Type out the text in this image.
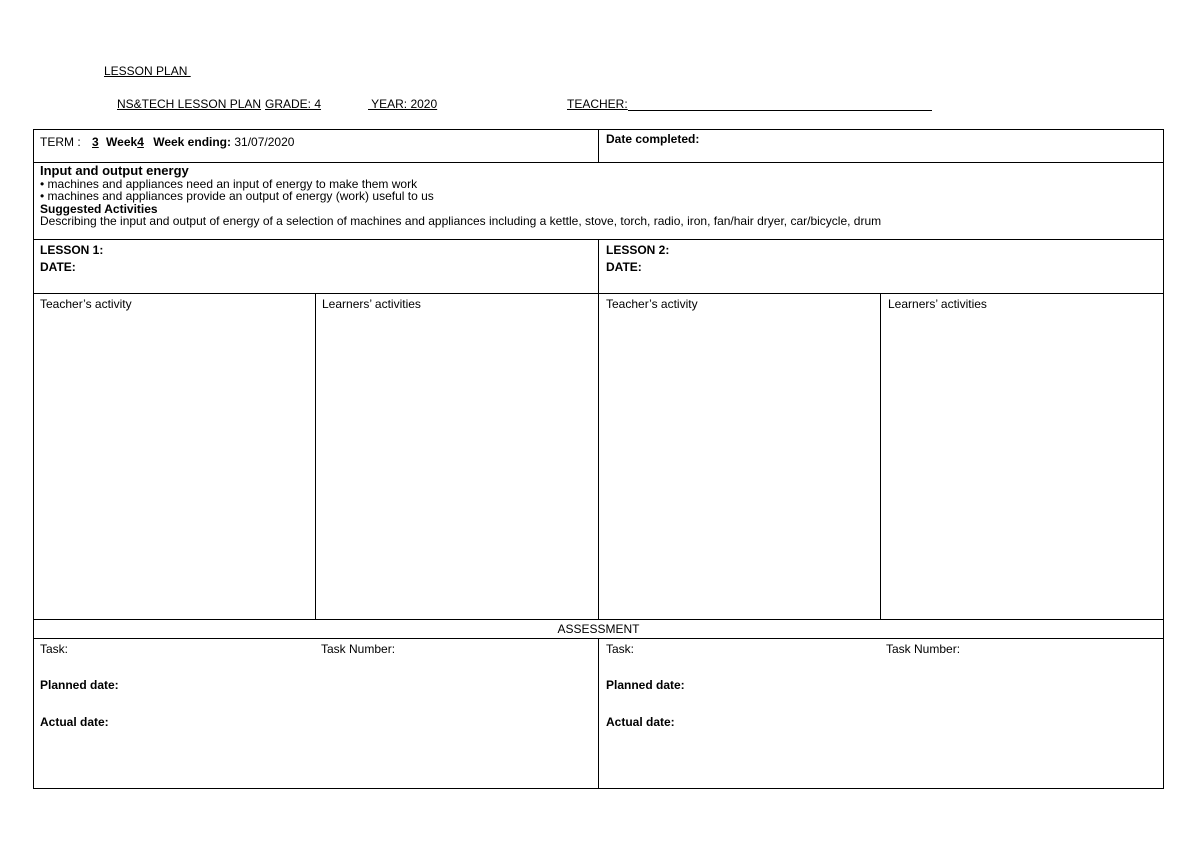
LESSON PLAN
NS&TECH LESSON PLAN GRADE: 4	YEAR: 2020	TEACHER:
TERM : 3 Week4 Week ending: 31/07/2020	Date completed:
Input and output energy
• machines and appliances need an input of energy to make them work
• machines and appliances provide an output of energy (work) useful to us
Suggested Activities
Describing the input and output of energy of a selection of machines and appliances including a kettle, stove, torch, radio, iron, fan/hair dryer, car/bicycle, drum
LESSON 1:
DATE:
LESSON 2:
DATE:
Teacher’s activity	Learners’ activities	Teacher’s activity	Learners’ activities
ASSESSMENT
Task:	Task Number:
Planned date:
Actual date:
Task:	Task Number:
Planned date:
Actual date:
